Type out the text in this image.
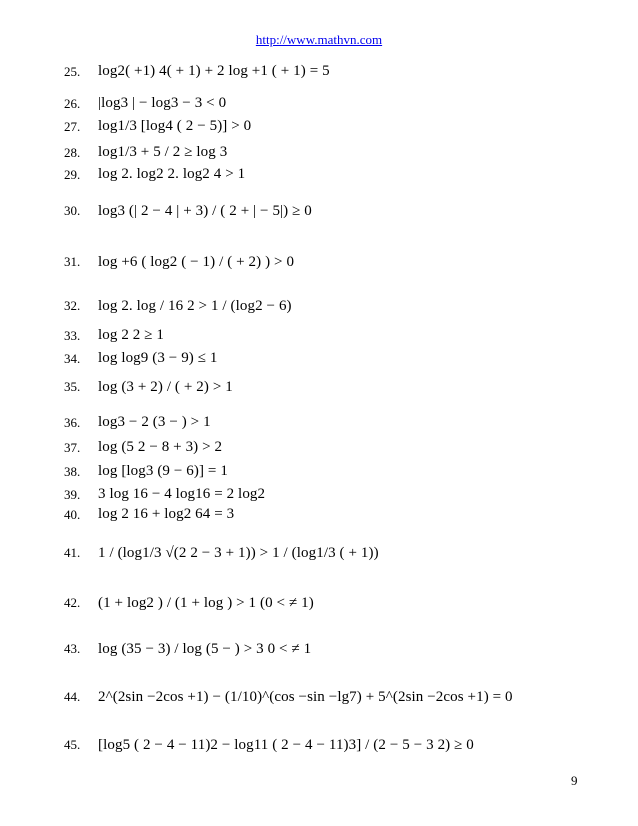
http://www.mathvn.com
25.	log2( +1) 4( + 1) + 2 log +1 ( + 1) = 5
26.	|log3 | − log3 − 3 < 0
27.	log1/3 [log4 ( 2 − 5)] > 0
28.	log1/3 + 5 / 2 ≥ log 3
29.	log 2. log2 2. log2 4 > 1
30.	log3 (| 2 − 4 | + 3) / ( 2 + | − 5|) ≥ 0
31.	log +6 ( log2 ( − 1) / ( + 2) ) > 0
32.	log 2. log / 16 2 > 1 / (log2 − 6)
33.	log 2 2 ≥ 1
34.	log log9 (3 − 9) ≤ 1
35.	log (3 + 2) / ( + 2) > 1
36.	log3 − 2 (3 − ) > 1
37.	log (5 2 − 8 + 3) > 2
38.	log [log3 (9 − 6)] = 1
39.	3 log 16 − 4 log16 = 2 log2
40.	log 2 16 + log2 64 = 3
41.	1 / (log1/3 √(2 2 − 3 + 1)) > 1 / (log1/3 ( + 1))
42.	(1 + log2 ) / (1 + log ) > 1 (0 < ≠ 1)
43.	log (35 − 3) / log (5 − ) > 3 0 < ≠ 1
44.	2^(2sin −2cos +1) − (1/10)^(cos −sin −lg7) + 5^(2sin −2cos +1) = 0
45.	[log5 ( 2 − 4 − 11)2 − log11 ( 2 − 4 − 11)3] / (2 − 5 − 3 2) ≥ 0
9
